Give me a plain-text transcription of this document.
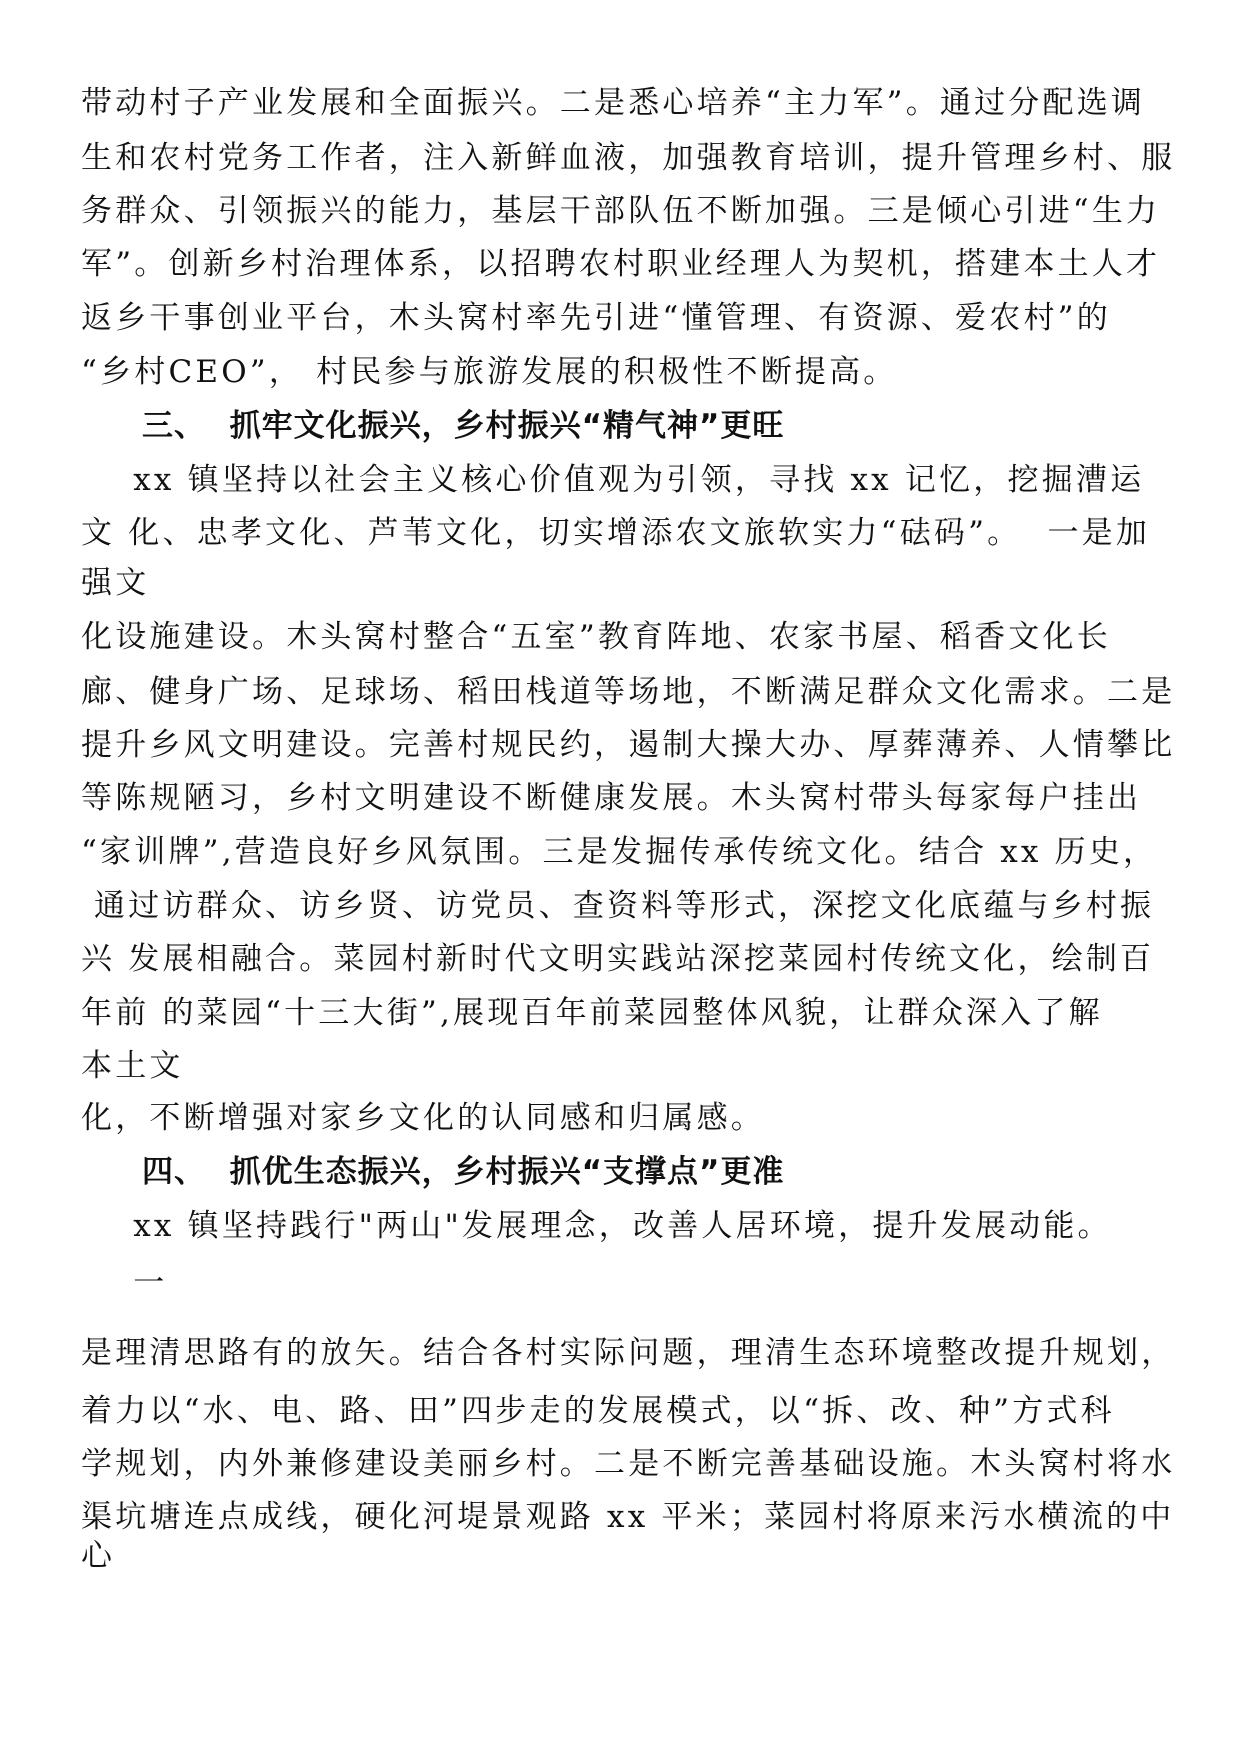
带动村子产业发展和全面振兴。二是悉心培养“主力军”。通过分配选调
生和农村党务工作者，注入新鲜血液，加强教育培训，提升管理乡村、服
务群众、引领振兴的能力，基层干部队伍不断加强。三是倾心引进“生力
军”。创新乡村治理体系，以招聘农村职业经理人为契机，搭建本土人才
返乡干事创业平台，木头窝村率先引进“懂管理、有资源、爱农村”的
“乡村CEO”， 村民参与旅游发展的积极性不断提高。
三、  抓牢文化振兴，乡村振兴“精气神”更旺
xx 镇坚持以社会主义核心价值观为引领，寻找 xx 记忆，挖掘漕运
文 化、忠孝文化、芦苇文化，切实增添农文旅软实力“砝码”。  一是加
强文
化设施建设。木头窝村整合“五室”教育阵地、农家书屋、稻香文化长
廊、健身广场、足球场、稻田栈道等场地，不断满足群众文化需求。二是
提升乡风文明建设。完善村规民约，遏制大操大办、厚葬薄养、人情攀比
等陈规陋习，乡村文明建设不断健康发展。木头窝村带头每家每户挂出
“家训牌”,营造良好乡风氛围。三是发掘传承传统文化。结合 xx 历史，
通过访群众、访乡贤、访党员、查资料等形式，深挖文化底蕴与乡村振
兴 发展相融合。菜园村新时代文明实践站深挖菜园村传统文化，绘制百
年前 的菜园“十三大街”,展现百年前菜园整体风貌，让群众深入了解
本土文
化，不断增强对家乡文化的认同感和归属感。
四、  抓优生态振兴，乡村振兴“支撑点”更准
xx 镇坚持践行"两山"发展理念，改善人居环境，提升发展动能。
一
是理清思路有的放矢。结合各村实际问题，理清生态环境整改提升规划，
着力以“水、电、路、田”四步走的发展模式，以“拆、改、种”方式科
学规划，内外兼修建设美丽乡村。二是不断完善基础设施。木头窝村将水
渠坑塘连点成线，硬化河堤景观路 xx 平米；菜园村将原来污水横流的中
心
